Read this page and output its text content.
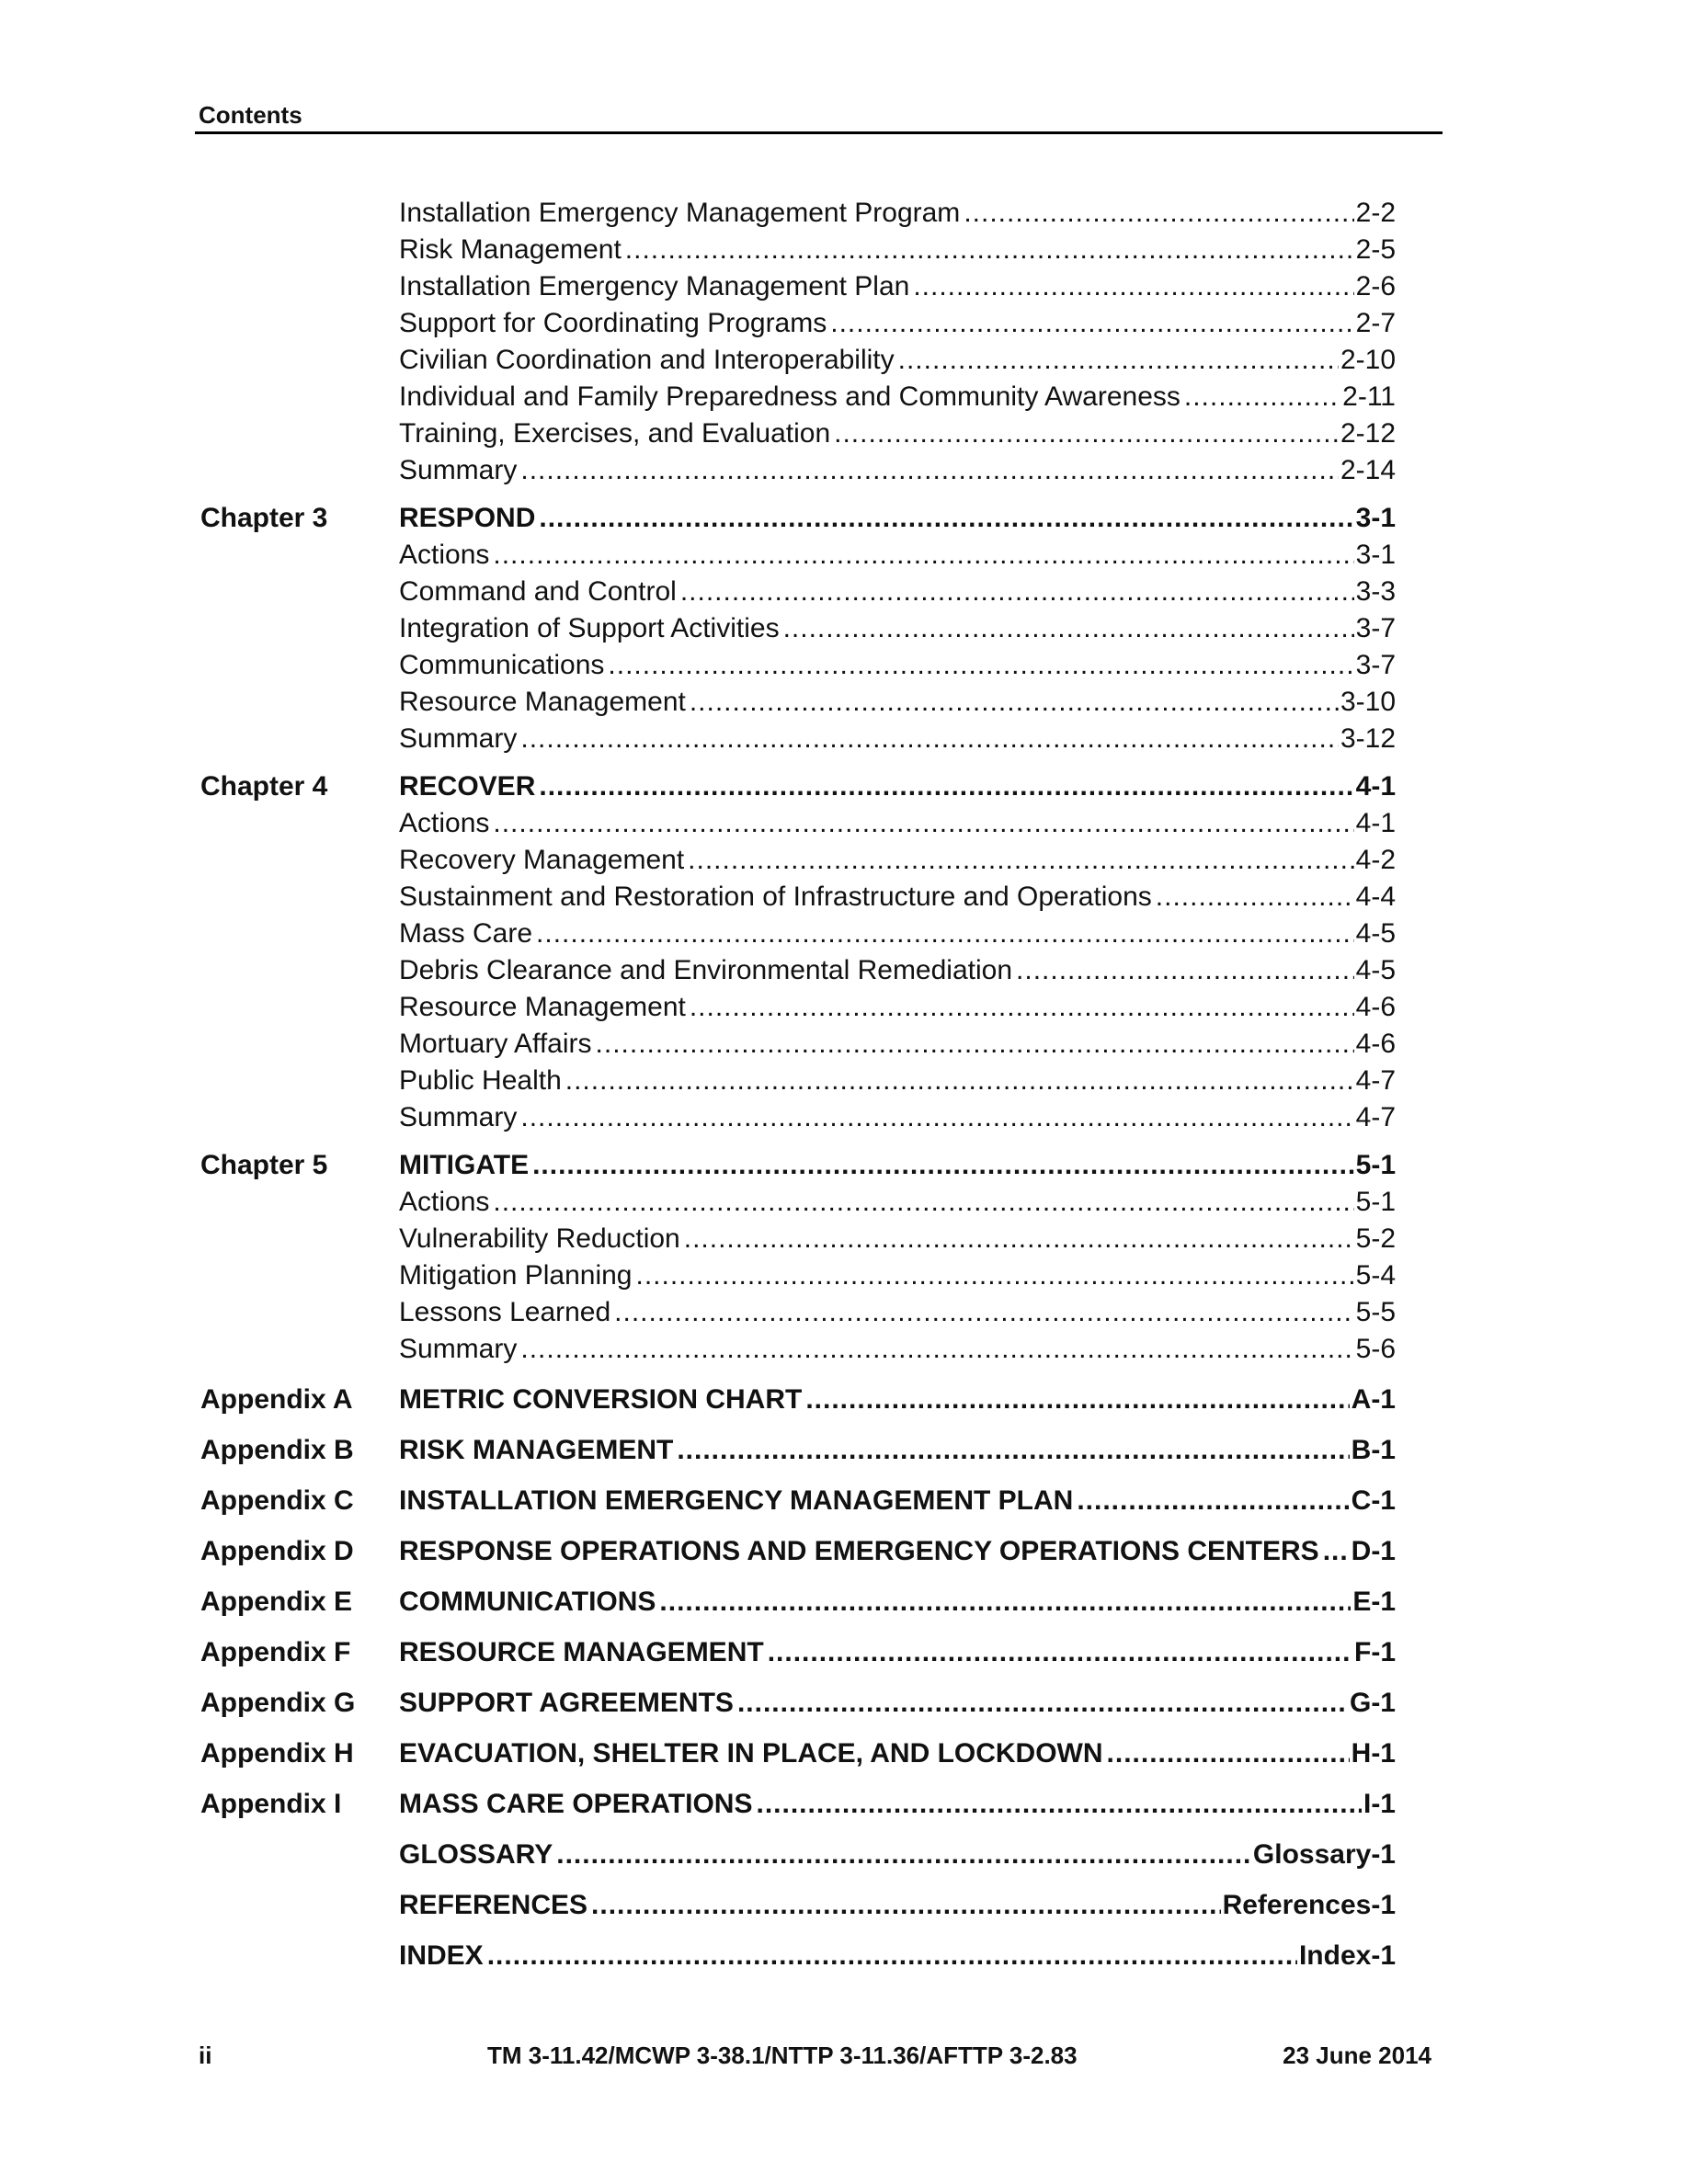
Contents
Installation Emergency Management Program .....	2-2
Risk Management .....	2-5
Installation Emergency Management Plan .....	2-6
Support for Coordinating Programs .....	2-7
Civilian Coordination and Interoperability .....	2-10
Individual and Family Preparedness and Community Awareness .....	2-11
Training, Exercises, and Evaluation .....	2-12
Summary .....	2-14
Chapter 3	RESPOND .....	3-1
Actions .....	3-1
Command and Control .....	3-3
Integration of Support Activities .....	3-7
Communications .....	3-7
Resource Management .....	3-10
Summary .....	3-12
Chapter 4	RECOVER .....	4-1
Actions .....	4-1
Recovery Management .....	4-2
Sustainment and Restoration of Infrastructure and Operations .....	4-4
Mass Care .....	4-5
Debris Clearance and Environmental Remediation .....	4-5
Resource Management .....	4-6
Mortuary Affairs .....	4-6
Public Health .....	4-7
Summary .....	4-7
Chapter 5	MITIGATE .....	5-1
Actions .....	5-1
Vulnerability Reduction .....	5-2
Mitigation Planning .....	5-4
Lessons Learned .....	5-5
Summary .....	5-6
Appendix A METRIC CONVERSION CHART .....	A-1
Appendix B RISK MANAGEMENT .....	B-1
Appendix C INSTALLATION EMERGENCY MANAGEMENT PLAN .....	C-1
Appendix D RESPONSE OPERATIONS AND EMERGENCY OPERATIONS CENTERS ..... D-1
Appendix E COMMUNICATIONS .....	E-1
Appendix F RESOURCE MANAGEMENT .....	F-1
Appendix G SUPPORT AGREEMENTS .....	G-1
Appendix H EVACUATION, SHELTER IN PLACE, AND LOCKDOWN .....	H-1
Appendix I MASS CARE OPERATIONS .....	I-1
GLOSSARY .....	Glossary-1
REFERENCES .....	References-1
INDEX .....	Index-1
ii	TM 3-11.42/MCWP 3-38.1/NTTP 3-11.36/AFTTP 3-2.83	23 June 2014
